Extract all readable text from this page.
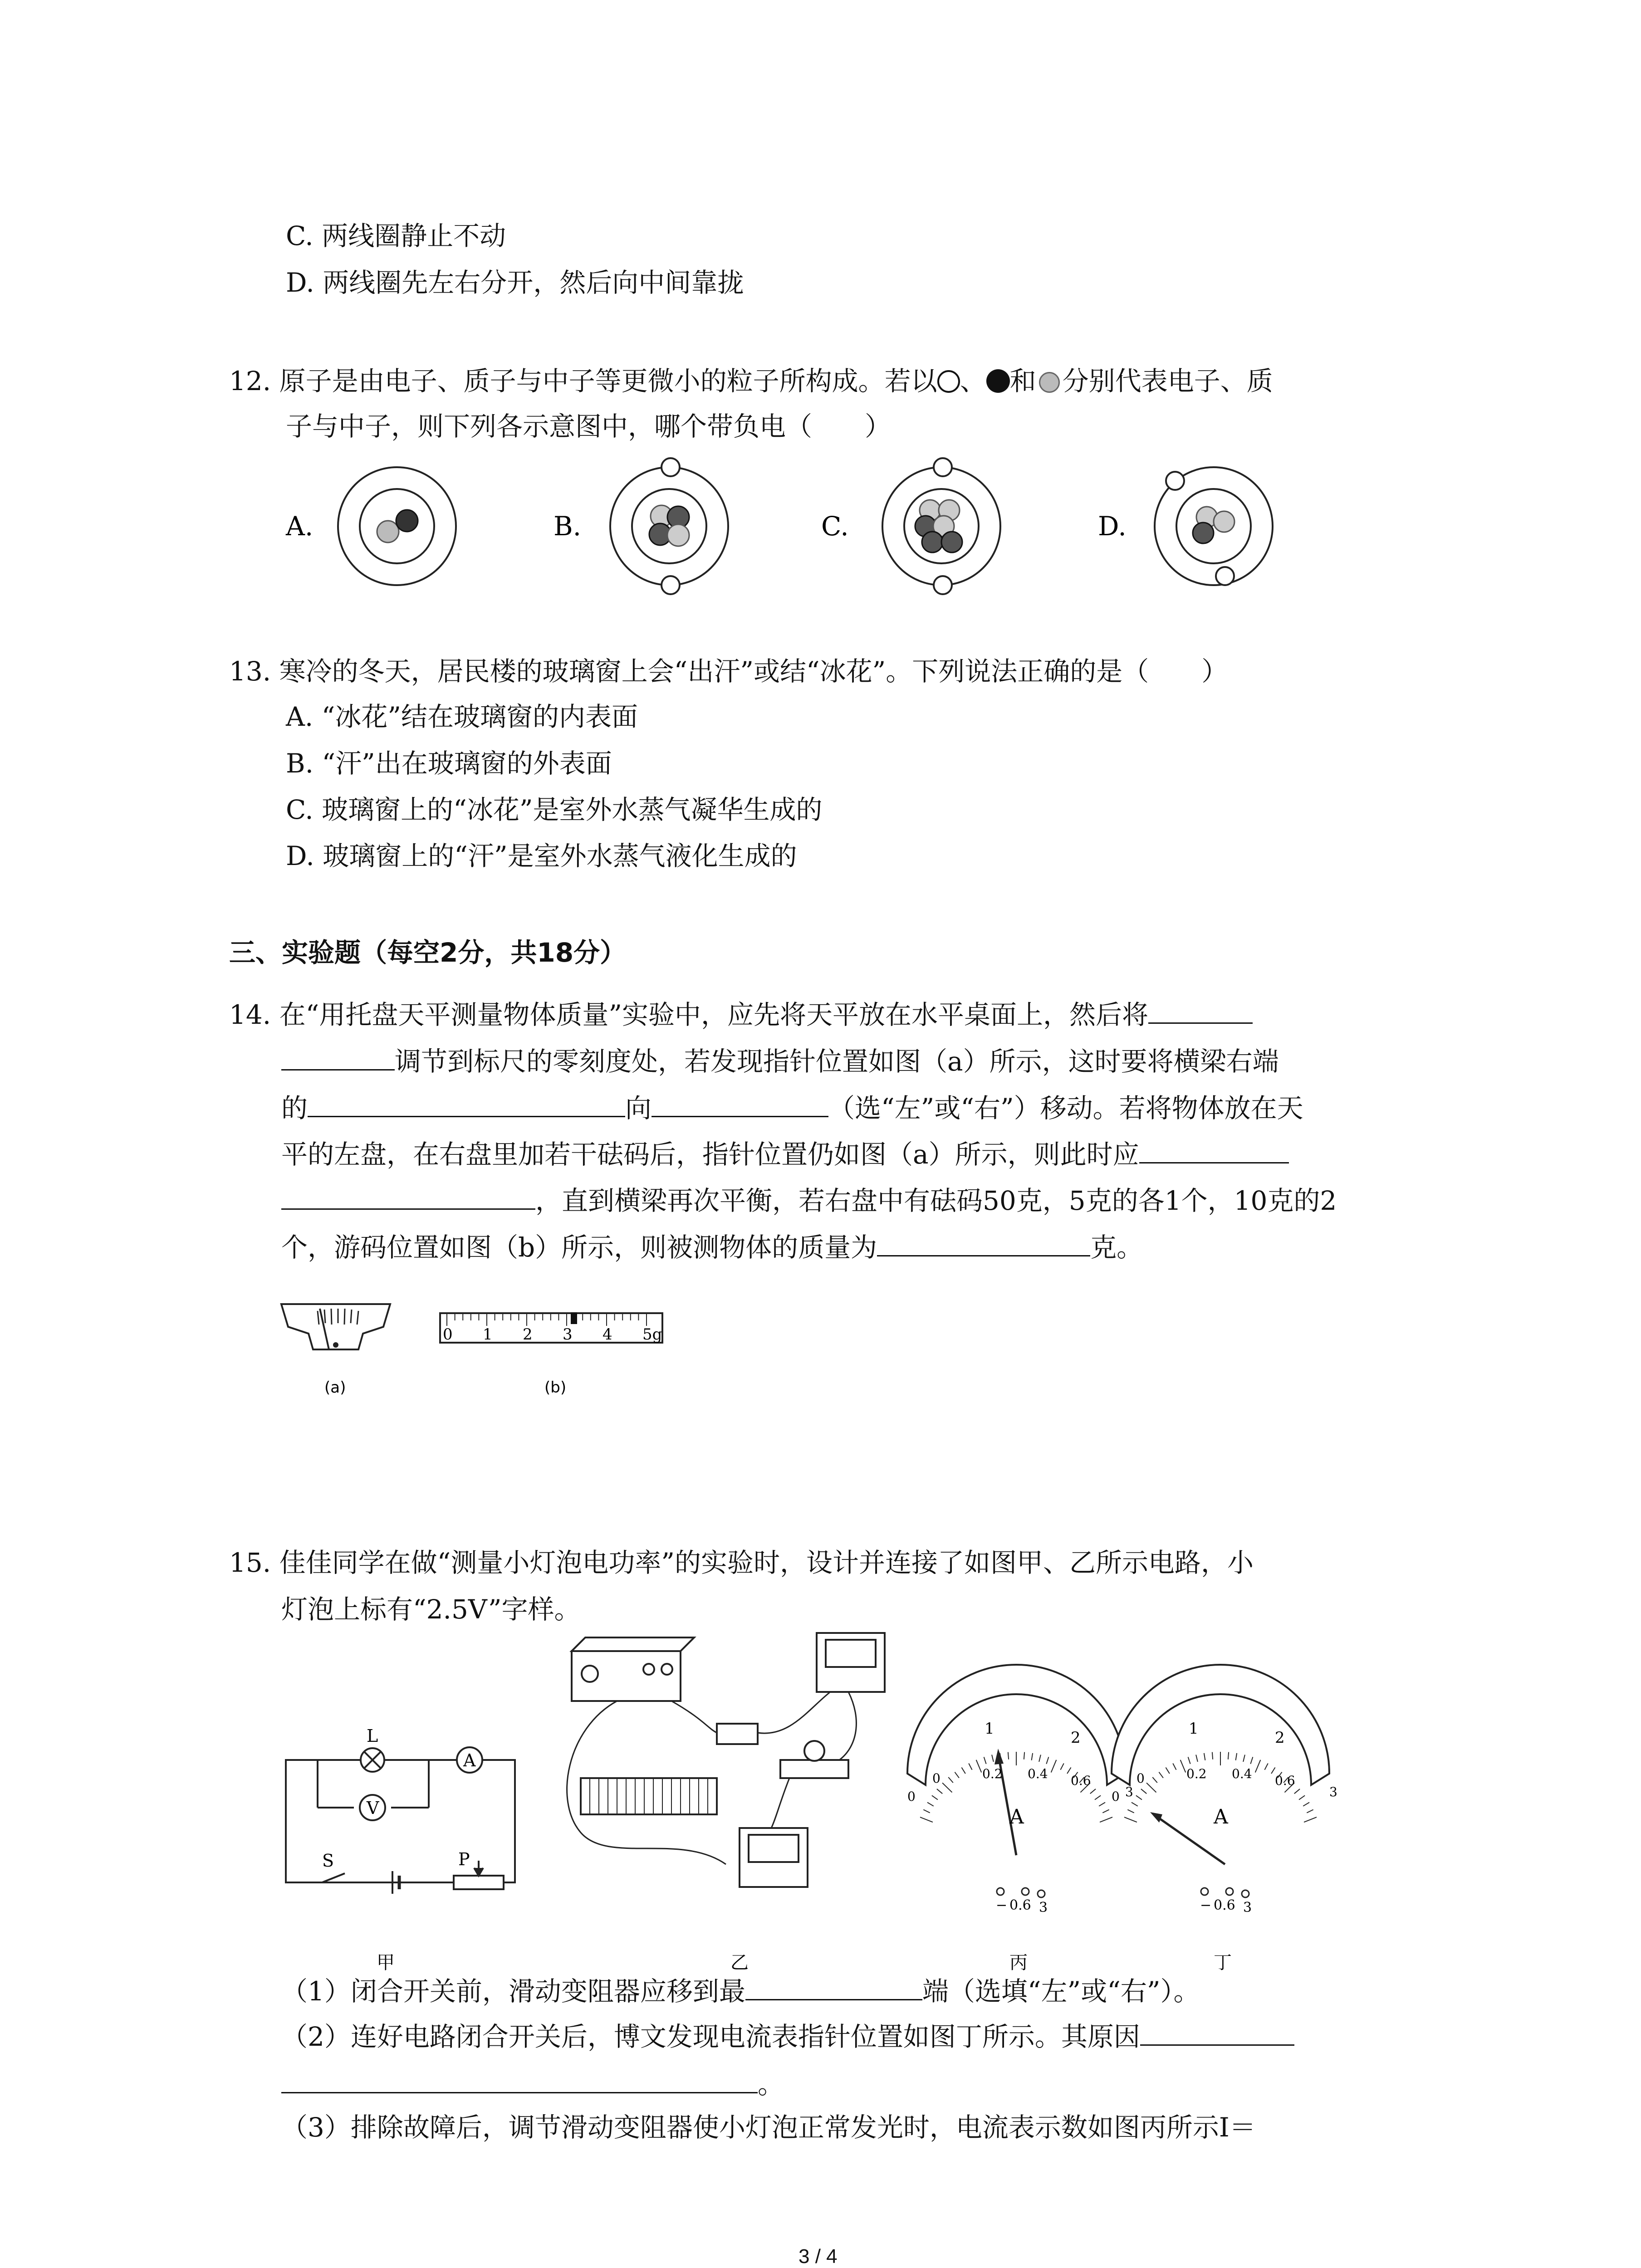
C. 两线圈静止不动
D. 两线圈先左右分开，然后向中间靠拢
12. 原子是由电子、质子与中子等更微小的粒子所构成。若以 、 和 分别代表电子、质
子与中子，则下列各示意图中，哪个带负电（　　）
A.	B.	C.	D.
13. 寒冷的冬天，居民楼的玻璃窗上会“出汗”或结“冰花”。下列说法正确的是（　　）
A. “冰花”结在玻璃窗的内表面
B. “汗”出在玻璃窗的外表面
C. 玻璃窗上的“冰花”是室外水蒸气凝华生成的
D. 玻璃窗上的“汗”是室外水蒸气液化生成的
三、实验题（每空2分，共18分）
14. 在“用托盘天平测量物体质量”实验中，应先将天平放在水平桌面上，然后将
调节到标尺的零刻度处，若发现指针位置如图（a）所示，这时要将横梁右端
的	向	（选“左”或“右”）移动。若将物体放在天
平的左盘，在右盘里加若干砝码后，指针位置仍如图（a）所示，则此时应
，直到横梁再次平衡，若右盘中有砝码50克，5克的各1个，10克的2
个，游码位置如图（b）所示，则被测物体的质量为	克。
(a)
0 1 2 3 4 5g
(b)
15. 佳佳同学在做“测量小灯泡电功率”的实验时，设计并连接了如图甲、乙所示电路，小
灯泡上标有“2.5V”字样。
L
A
V
S	P
1	2
0	0.2 0.4 0.6
0	3
A
− 0.6 3
1	2
0	0.2 0.4 0.6
0	3
A
− 0.6 3
甲	乙	丙	丁
（1）闭合开关前，滑动变阻器应移到最	端（选填“左”或“右”）。
（2）连好电路闭合开关后，博文发现电流表指针位置如图丁所示。其原因
。
（3）排除故障后，调节滑动变阻器使小灯泡正常发光时，电流表示数如图丙所示I＝
3 / 4
